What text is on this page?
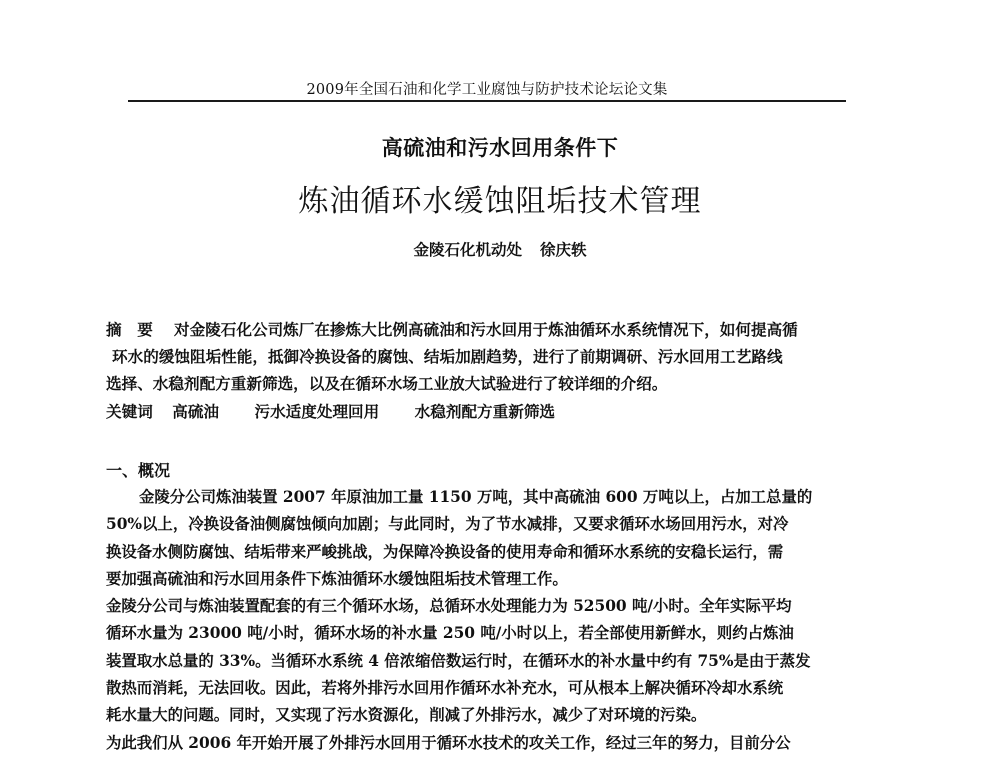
2009年全国石油和化学工业腐蚀与防护技术论坛论文集
高硫油和污水回用条件下
炼油循环水缓蚀阻垢技术管理
金陵石化机动处 徐庆轶
摘　要 对金陵石化公司炼厂在掺炼大比例高硫油和污水回用于炼油循环水系统情况下，如何提高循
环水的缓蚀阻垢性能，抵御冷换设备的腐蚀、结垢加剧趋势，进行了前期调研、污水回用工艺路线
选择、水稳剂配方重新筛选，以及在循环水场工业放大试验进行了较详细的介绍。
关键词 高硫油 污水适度处理回用 水稳剂配方重新筛选
一、概况
金陵分公司炼油装置 2007 年原油加工量 1150 万吨，其中高硫油 600 万吨以上，占加工总量的
50%以上，冷换设备油侧腐蚀倾向加剧；与此同时，为了节水减排，又要求循环水场回用污水，对冷
换设备水侧防腐蚀、结垢带来严峻挑战，为保障冷换设备的使用寿命和循环水系统的安稳长运行，需
要加强高硫油和污水回用条件下炼油循环水缓蚀阻垢技术管理工作。
金陵分公司与炼油装置配套的有三个循环水场，总循环水处理能力为 52500 吨/小时。全年实际平均
循环水量为 23000 吨/小时，循环水场的补水量 250 吨/小时以上，若全部使用新鲜水，则约占炼油
装置取水总量的 33%。当循环水系统 4 倍浓缩倍数运行时，在循环水的补水量中约有 75%是由于蒸发
散热而消耗，无法回收。因此，若将外排污水回用作循环水补充水，可从根本上解决循环冷却水系统
耗水量大的问题。同时，又实现了污水资源化，削减了外排污水，减少了对环境的污染。
为此我们从 2006 年开始开展了外排污水回用于循环水技术的攻关工作，经过三年的努力，目前分公
